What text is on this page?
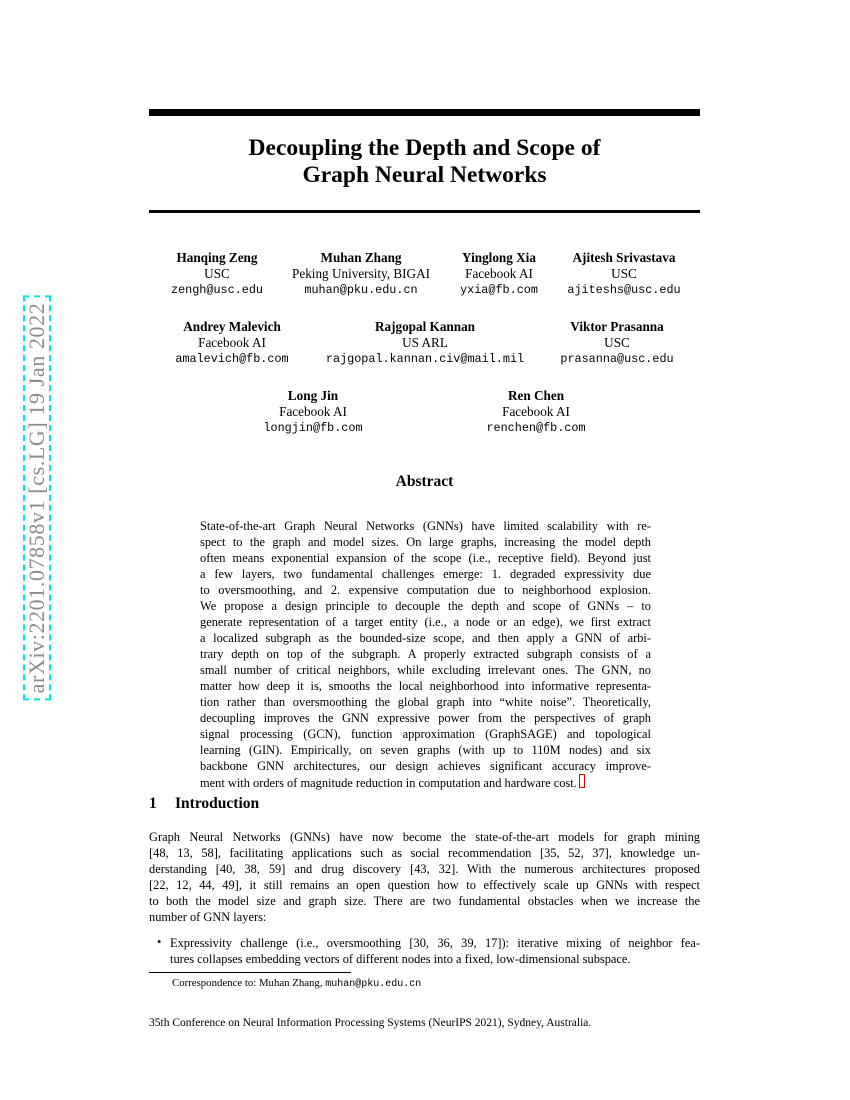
arXiv:2201.07858v1 [cs.LG] 19 Jan 2022
Decoupling the Depth and Scope of
Graph Neural Networks
Hanqing Zeng
USC
zengh@usc.edu
Muhan Zhang
Peking University, BIGAI
muhan@pku.edu.cn
Yinglong Xia
Facebook AI
yxia@fb.com
Ajitesh Srivastava
USC
ajiteshs@usc.edu
Andrey Malevich
Facebook AI
amalevich@fb.com
Rajgopal Kannan
US ARL
rajgopal.kannan.civ@mail.mil
Viktor Prasanna
USC
prasanna@usc.edu
Long Jin
Facebook AI
longjin@fb.com
Ren Chen
Facebook AI
renchen@fb.com
Abstract
State-of-the-art Graph Neural Networks (GNNs) have limited scalability with re-
spect to the graph and model sizes. On large graphs, increasing the model depth
often means exponential expansion of the scope (i.e., receptive field). Beyond just
a few layers, two fundamental challenges emerge: 1. degraded expressivity due
to oversmoothing, and 2. expensive computation due to neighborhood explosion.
We propose a design principle to decouple the depth and scope of GNNs – to
generate representation of a target entity (i.e., a node or an edge), we first extract
a localized subgraph as the bounded-size scope, and then apply a GNN of arbi-
trary depth on top of the subgraph. A properly extracted subgraph consists of a
small number of critical neighbors, while excluding irrelevant ones. The GNN, no
matter how deep it is, smooths the local neighborhood into informative representa-
tion rather than oversmoothing the global graph into “white noise”. Theoretically,
decoupling improves the GNN expressive power from the perspectives of graph
signal processing (GCN), function approximation (GraphSAGE) and topological
learning (GIN). Empirically, on seven graphs (with up to 110M nodes) and six
backbone GNN architectures, our design achieves significant accuracy improve-
ment with orders of magnitude reduction in computation and hardware cost.
1 Introduction
Graph Neural Networks (GNNs) have now become the state-of-the-art models for graph mining
[48, 13, 58], facilitating applications such as social recommendation [35, 52, 37], knowledge un-
derstanding [40, 38, 59] and drug discovery [43, 32]. With the numerous architectures proposed
[22, 12, 44, 49], it still remains an open question how to effectively scale up GNNs with respect
to both the model size and graph size. There are two fundamental obstacles when we increase the
number of GNN layers:
• Expressivity challenge (i.e., oversmoothing [30, 36, 39, 17]): iterative mixing of neighbor fea-
tures collapses embedding vectors of different nodes into a fixed, low-dimensional subspace.
Correspondence to: Muhan Zhang, muhan@pku.edu.cn
35th Conference on Neural Information Processing Systems (NeurIPS 2021), Sydney, Australia.
